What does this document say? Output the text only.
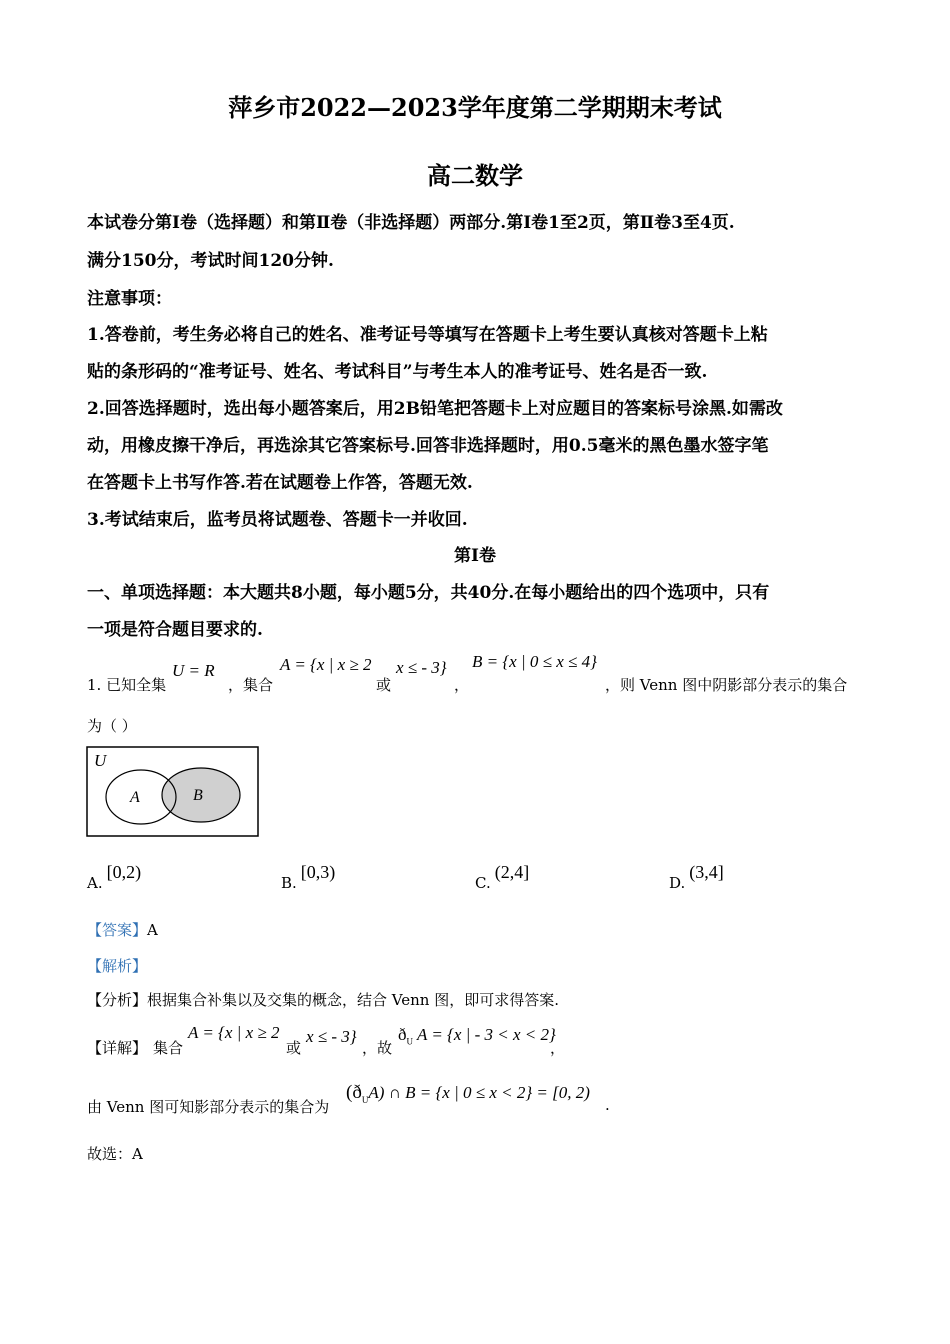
萍乡市2022—2023学年度第二学期期末考试
高二数学
本试卷分第Ⅰ卷（选择题）和第Ⅱ卷（非选择题）两部分.第Ⅰ卷1至2页，第Ⅱ卷3至4页.
满分150分，考试时间120分钟.
注意事项：
1.答卷前，考生务必将自己的姓名、准考证号等填写在答题卡上考生要认真核对答题卡上粘
贴的条形码的“准考证号、姓名、考试科目”与考生本人的准考证号、姓名是否一致.
2.回答选择题时，选出每小题答案后，用2B铅笔把答题卡上对应题目的答案标号涂黑.如需改
动，用橡皮擦干净后，再选涂其它答案标号.回答非选择题时，用0.5毫米的黑色墨水签字笔
在答题卡上书写作答.若在试题卷上作答，答题无效.
3.考试结束后，监考员将试题卷、答题卡一并收回.
第Ⅰ卷
一、单项选择题：本大题共8小题，每小题5分，共40分.在每小题给出的四个选项中，只有
一项是符合题目要求的.
1. 已知全集
U = R
，集合
A = {x | x ≥ 2
或
x ≤ - 3}
，
B = {x | 0 ≤ x ≤ 4}
，则 Venn 图中阴影部分表示的集合
为（ ）
U
A	B
A.[0,2)
B.[0,3)
C.(2,4]
D.(3,4]
【答案】A
【解析】
【分析】根据集合补集以及交集的概念，结合 Venn 图，即可求得答案.
【详解】 集合
A = {x | x ≥ 2
或
x ≤ - 3}
，故
$ð_U$ A = {x | - 3 < x < 2}
，
由 Venn 图可知影部分表示的集合为
$(ð_UA)$ ∩ B = {x | 0 ≤ x < 2} = [0, 2)
.
故选：A
